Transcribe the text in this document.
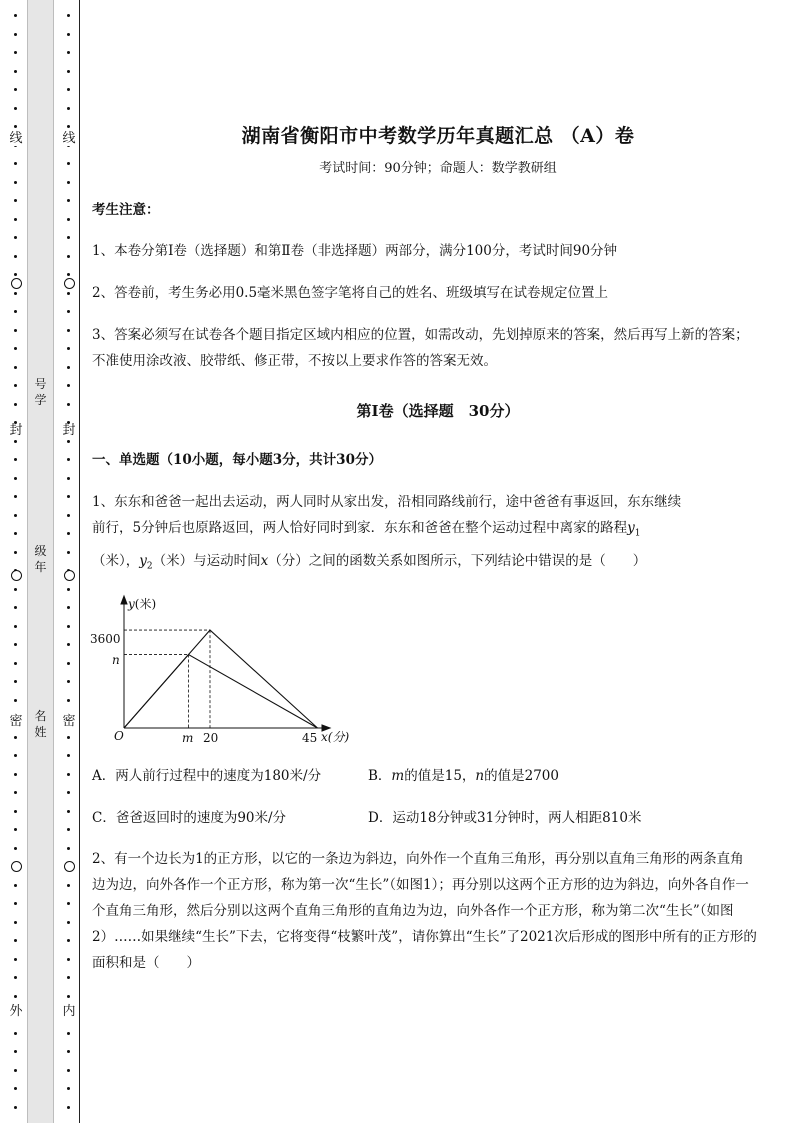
线
封
密
外
号
学
级
年
名
姓
线
封
密
内
湖南省衡阳市中考数学历年真题汇总 （A）卷
考试时间：90分钟；命题人：数学教研组
考生注意：
1、本卷分第Ⅰ卷（选择题）和第Ⅱ卷（非选择题）两部分，满分100分，考试时间90分钟
2、答卷前，考生务必用0.5毫米黑色签字笔将自己的姓名、班级填写在试卷规定位置上
3、答案必须写在试卷各个题目指定区域内相应的位置，如需改动，先划掉原来的答案，然后再写上新的答案；不准使用涂改液、胶带纸、修正带，不按以上要求作答的答案无效。
第Ⅰ卷（选择题　30分）
一、单选题（10小题，每小题3分，共计30分）
1、东东和爸爸一起出去运动，两人同时从家出发，沿相同路线前行，途中爸爸有事返回，东东继续
前行，5分钟后也原路返回，两人恰好同时到家．东东和爸爸在整个运动过程中离家的路程$y_1$
（米），$y_2$（米）与运动时间x（分）之间的函数关系如图所示，下列结论中错误的是（　　）
y(米)
x(分)
O
3600
n
m 20	45
A．两人前行过程中的速度为180米/分	B．m的值是15，n的值是2700
C．爸爸返回时的速度为90米/分	D．运动18分钟或31分钟时，两人相距810米
2、有一个边长为1的正方形，以它的一条边为斜边，向外作一个直角三角形，再分别以直角三角形的两条直角边为边，向外各作一个正方形，称为第一次“生长”（如图1）；再分别以这两个正方形的边为斜边，向外各自作一个直角三角形，然后分别以这两个直角三角形的直角边为边，向外各作一个正方形，称为第二次“生长”（如图2）……如果继续“生长”下去，它将变得“枝繁叶茂”，请你算出“生长”了2021次后形成的图形中所有的正方形的面积和是（　　）
